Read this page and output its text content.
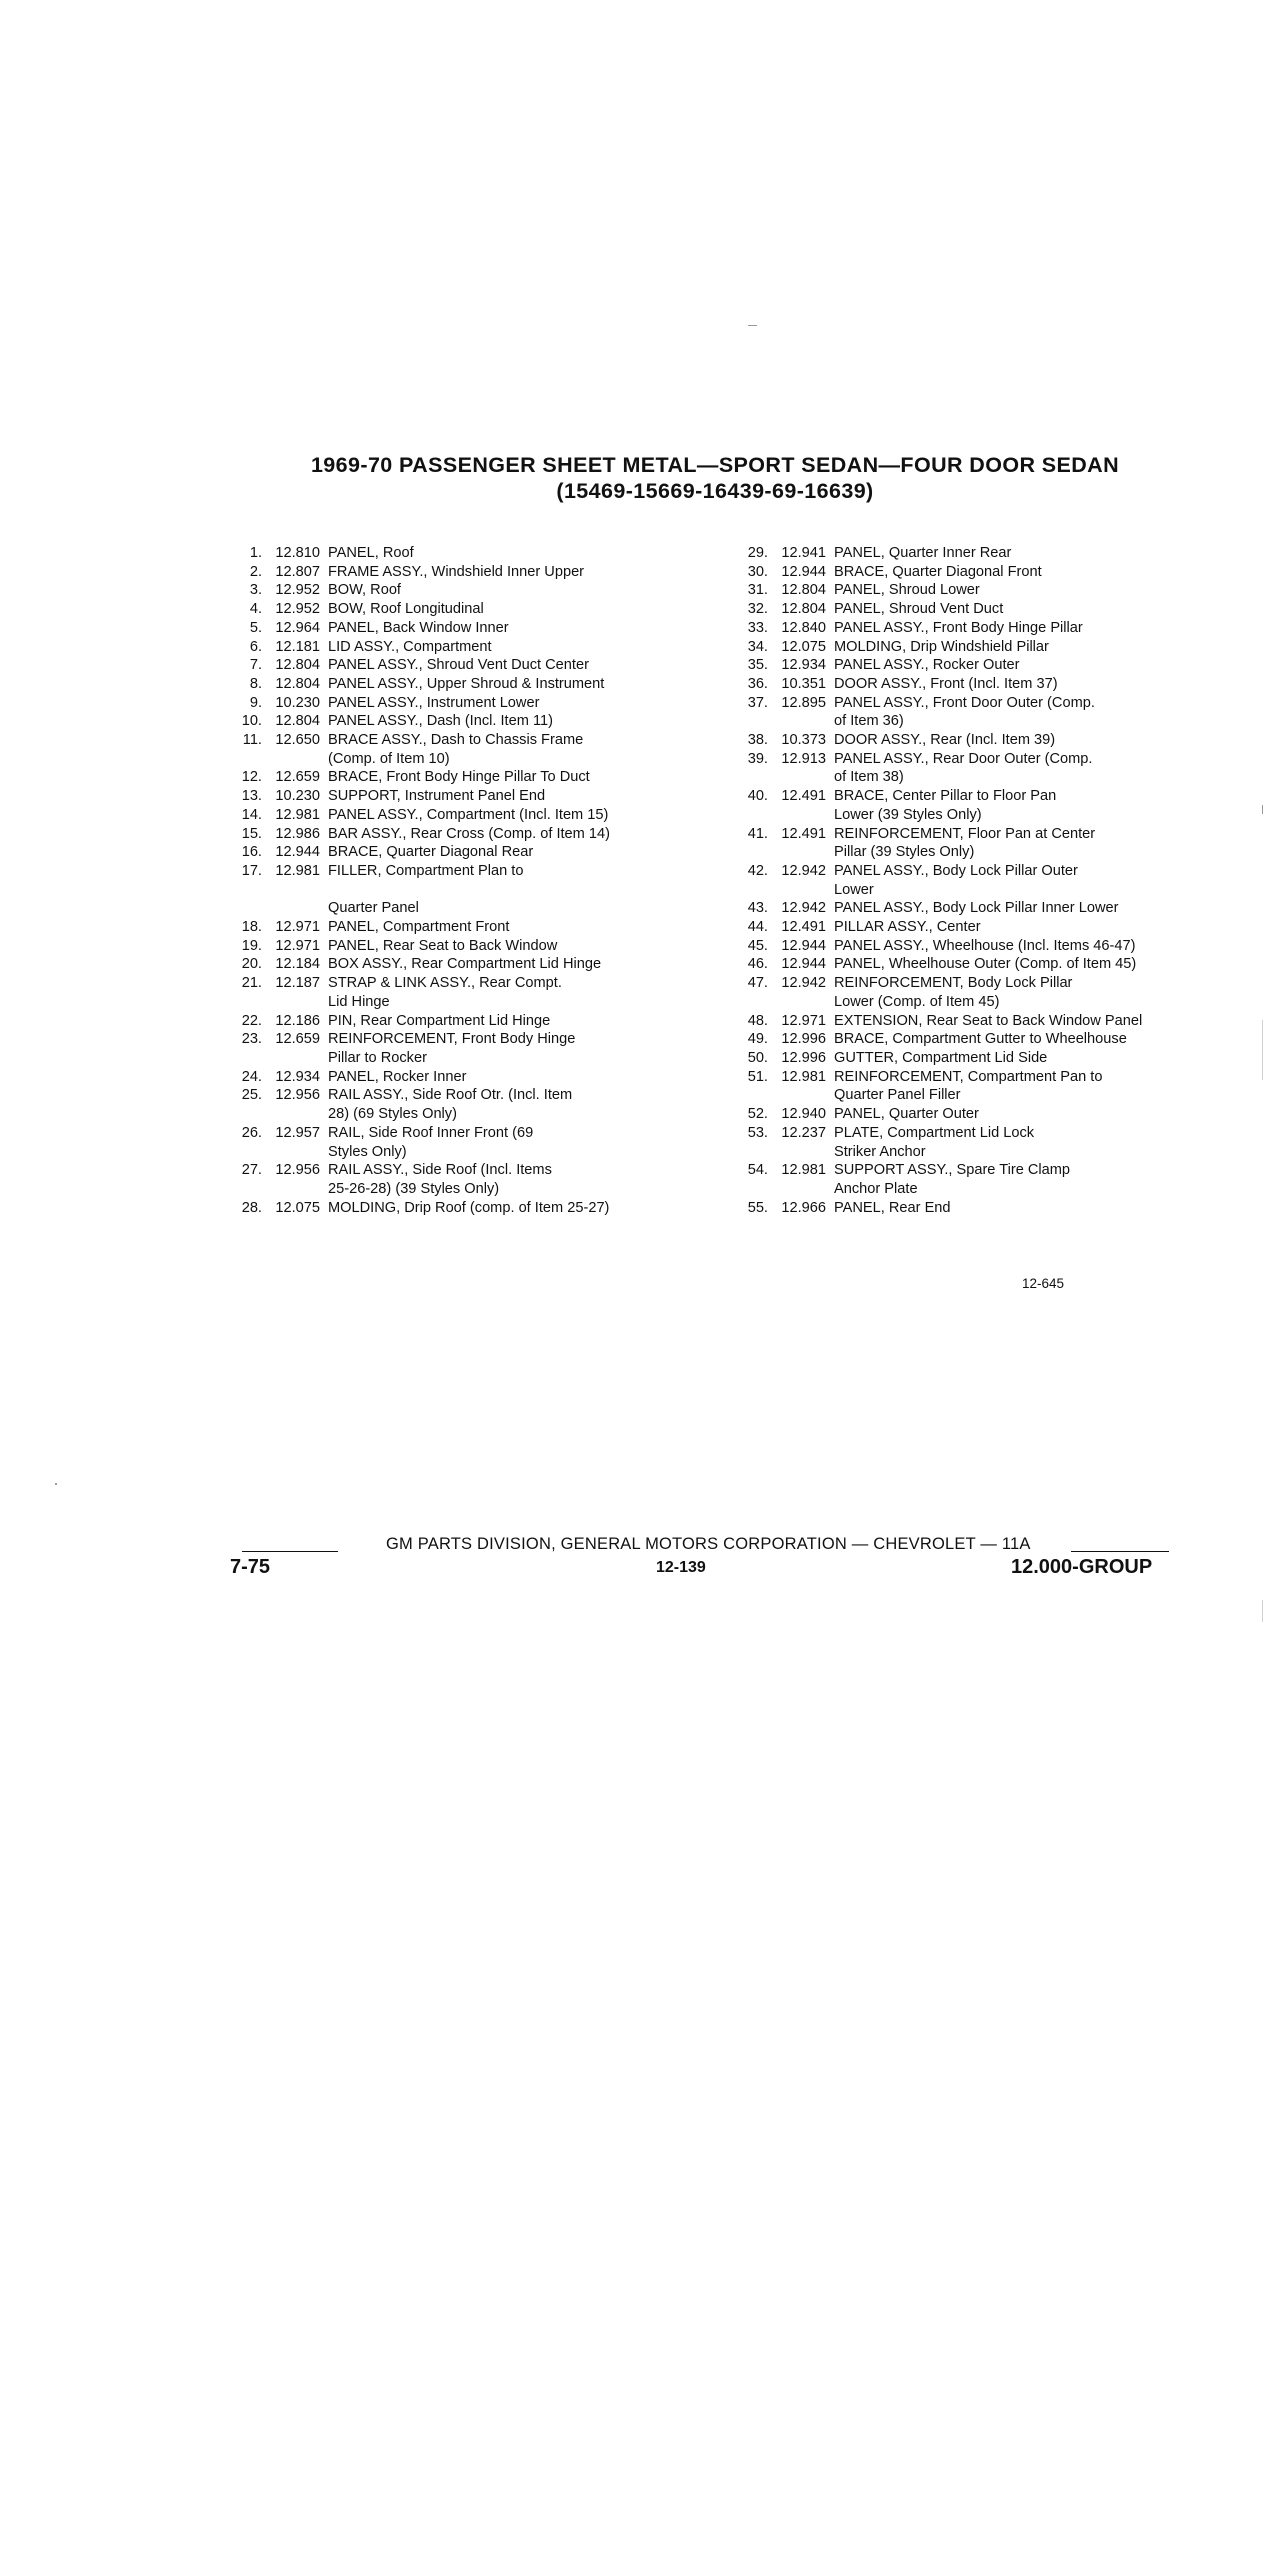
1969-70 PASSENGER SHEET METAL—SPORT SEDAN—FOUR DOOR SEDAN
(15469-15669-16439-69-16639)
1. 12.810 PANEL, Roof
2. 12.807 FRAME ASSY., Windshield Inner Upper
3. 12.952 BOW, Roof
4. 12.952 BOW, Roof Longitudinal
5. 12.964 PANEL, Back Window Inner
6. 12.181 LID ASSY., Compartment
7. 12.804 PANEL ASSY., Shroud Vent Duct Center
8. 12.804 PANEL ASSY., Upper Shroud & Instrument
9. 10.230 PANEL ASSY., Instrument Lower
10. 12.804 PANEL ASSY., Dash (Incl. Item 11)
11. 12.650 BRACE ASSY., Dash to Chassis Frame
(Comp. of Item 10)
12. 12.659 BRACE, Front Body Hinge Pillar To Duct
13. 10.230 SUPPORT, Instrument Panel End
14. 12.981 PANEL ASSY., Compartment (Incl. Item 15)
15. 12.986 BAR ASSY., Rear Cross (Comp. of Item 14)
16. 12.944 BRACE, Quarter Diagonal Rear
17. 12.981 FILLER, Compartment Plan to

Quarter Panel
18. 12.971 PANEL, Compartment Front
19. 12.971 PANEL, Rear Seat to Back Window
20. 12.184 BOX ASSY., Rear Compartment Lid Hinge
21. 12.187 STRAP & LINK ASSY., Rear Compt.
Lid Hinge
22. 12.186 PIN, Rear Compartment Lid Hinge
23. 12.659 REINFORCEMENT, Front Body Hinge
Pillar to Rocker
24. 12.934 PANEL, Rocker Inner
25. 12.956 RAIL ASSY., Side Roof Otr. (Incl. Item
28) (69 Styles Only)
26. 12.957 RAIL, Side Roof Inner Front (69
Styles Only)
27. 12.956 RAIL ASSY., Side Roof (Incl. Items
25-26-28) (39 Styles Only)
28. 12.075 MOLDING, Drip Roof (comp. of Item 25-27)
29. 12.941 PANEL, Quarter Inner Rear
30. 12.944 BRACE, Quarter Diagonal Front
31. 12.804 PANEL, Shroud Lower
32. 12.804 PANEL, Shroud Vent Duct
33. 12.840 PANEL ASSY., Front Body Hinge Pillar
34. 12.075 MOLDING, Drip Windshield Pillar
35. 12.934 PANEL ASSY., Rocker Outer
36. 10.351 DOOR ASSY., Front (Incl. Item 37)
37. 12.895 PANEL ASSY., Front Door Outer (Comp.
of Item 36)
38. 10.373 DOOR ASSY., Rear (Incl. Item 39)
39. 12.913 PANEL ASSY., Rear Door Outer (Comp.
of Item 38)
40. 12.491 BRACE, Center Pillar to Floor Pan
Lower (39 Styles Only)
41. 12.491 REINFORCEMENT, Floor Pan at Center
Pillar (39 Styles Only)
42. 12.942 PANEL ASSY., Body Lock Pillar Outer
Lower
43. 12.942 PANEL ASSY., Body Lock Pillar Inner Lower
44. 12.491 PILLAR ASSY., Center
45. 12.944 PANEL ASSY., Wheelhouse (Incl. Items 46-47)
46. 12.944 PANEL, Wheelhouse Outer (Comp. of Item 45)
47. 12.942 REINFORCEMENT, Body Lock Pillar
Lower (Comp. of Item 45)
48. 12.971 EXTENSION, Rear Seat to Back Window Panel
49. 12.996 BRACE, Compartment Gutter to Wheelhouse
50. 12.996 GUTTER, Compartment Lid Side
51. 12.981 REINFORCEMENT, Compartment Pan to
Quarter Panel Filler
52. 12.940 PANEL, Quarter Outer
53. 12.237 PLATE, Compartment Lid Lock
Striker Anchor
54. 12.981 SUPPORT ASSY., Spare Tire Clamp
Anchor Plate
55. 12.966 PANEL, Rear End
12-645
GM PARTS DIVISION, GENERAL MOTORS CORPORATION — CHEVROLET — 11A
7-75	12-139	12.000-GROUP
